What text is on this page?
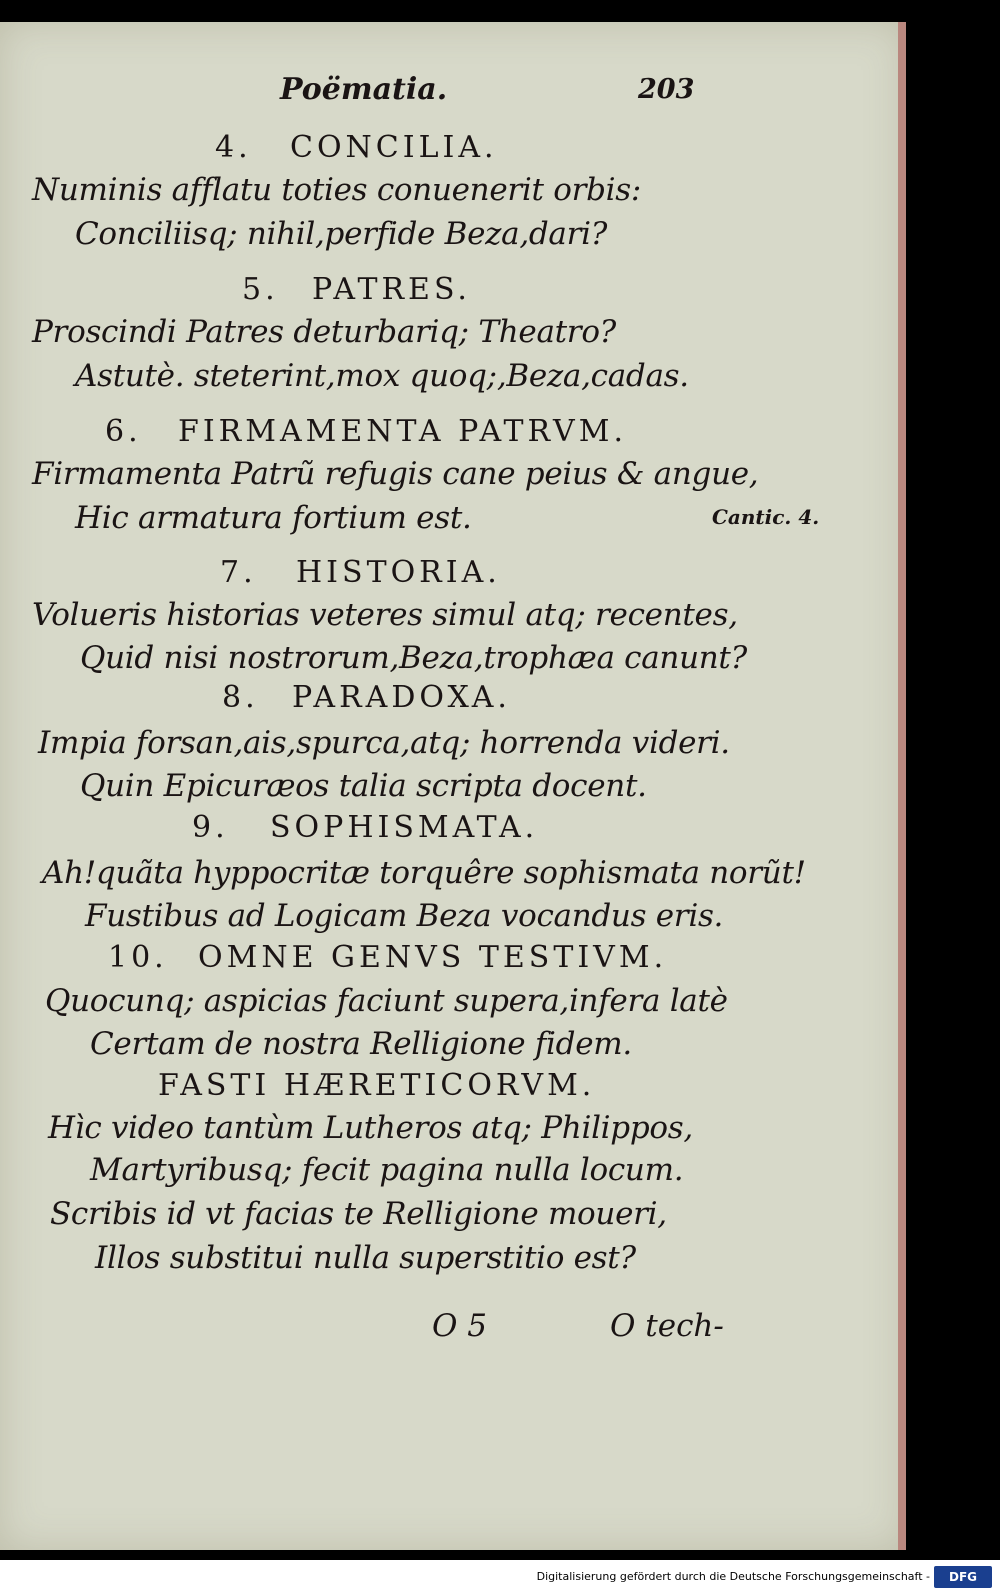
Poëmatia.	203
4. CONCILIA.
Numinis afflatu toties conuenerit orbis:
Conciliisq; nihil,perfide Beza,dari?
5. PATRES.
Proscindi Patres deturbariq; Theatro?
Astutè. steterint,mox quoq;,Beza,cadas.
6. FIRMAMENTA PATRVM.
Firmamenta Patrũ refugis cane peius & angue,
Hic armatura fortium est.	Cantic. 4.
7. HISTORIA.
Volueris historias veteres simul atq; recentes,
Quid nisi nostrorum,Beza,trophæa canunt?
8. PARADOXA.
Impia forsan,ais,spurca,atq; horrenda videri.
Quin Epicuræos talia scripta docent.
9. SOPHISMATA.
Ah!quãta hyppocritæ torquêre sophismata norũt!
Fustibus ad Logicam Beza vocandus eris.
10. OMNE GENVS TESTIVM.
Quocunq; aspicias faciunt supera,infera latè
Certam de nostra Relligione fidem.
FASTI HÆRETICORVM.
Hìc video tantùm Lutheros atq; Philippos,
Martyribusq; fecit pagina nulla locum.
Scribis id vt facias te Relligione moueri,
Illos substitui nulla superstitio est?
O 5	O tech-
Digitalisierung gefördert durch die Deutsche Forschungsgemeinschaft -	DFG
